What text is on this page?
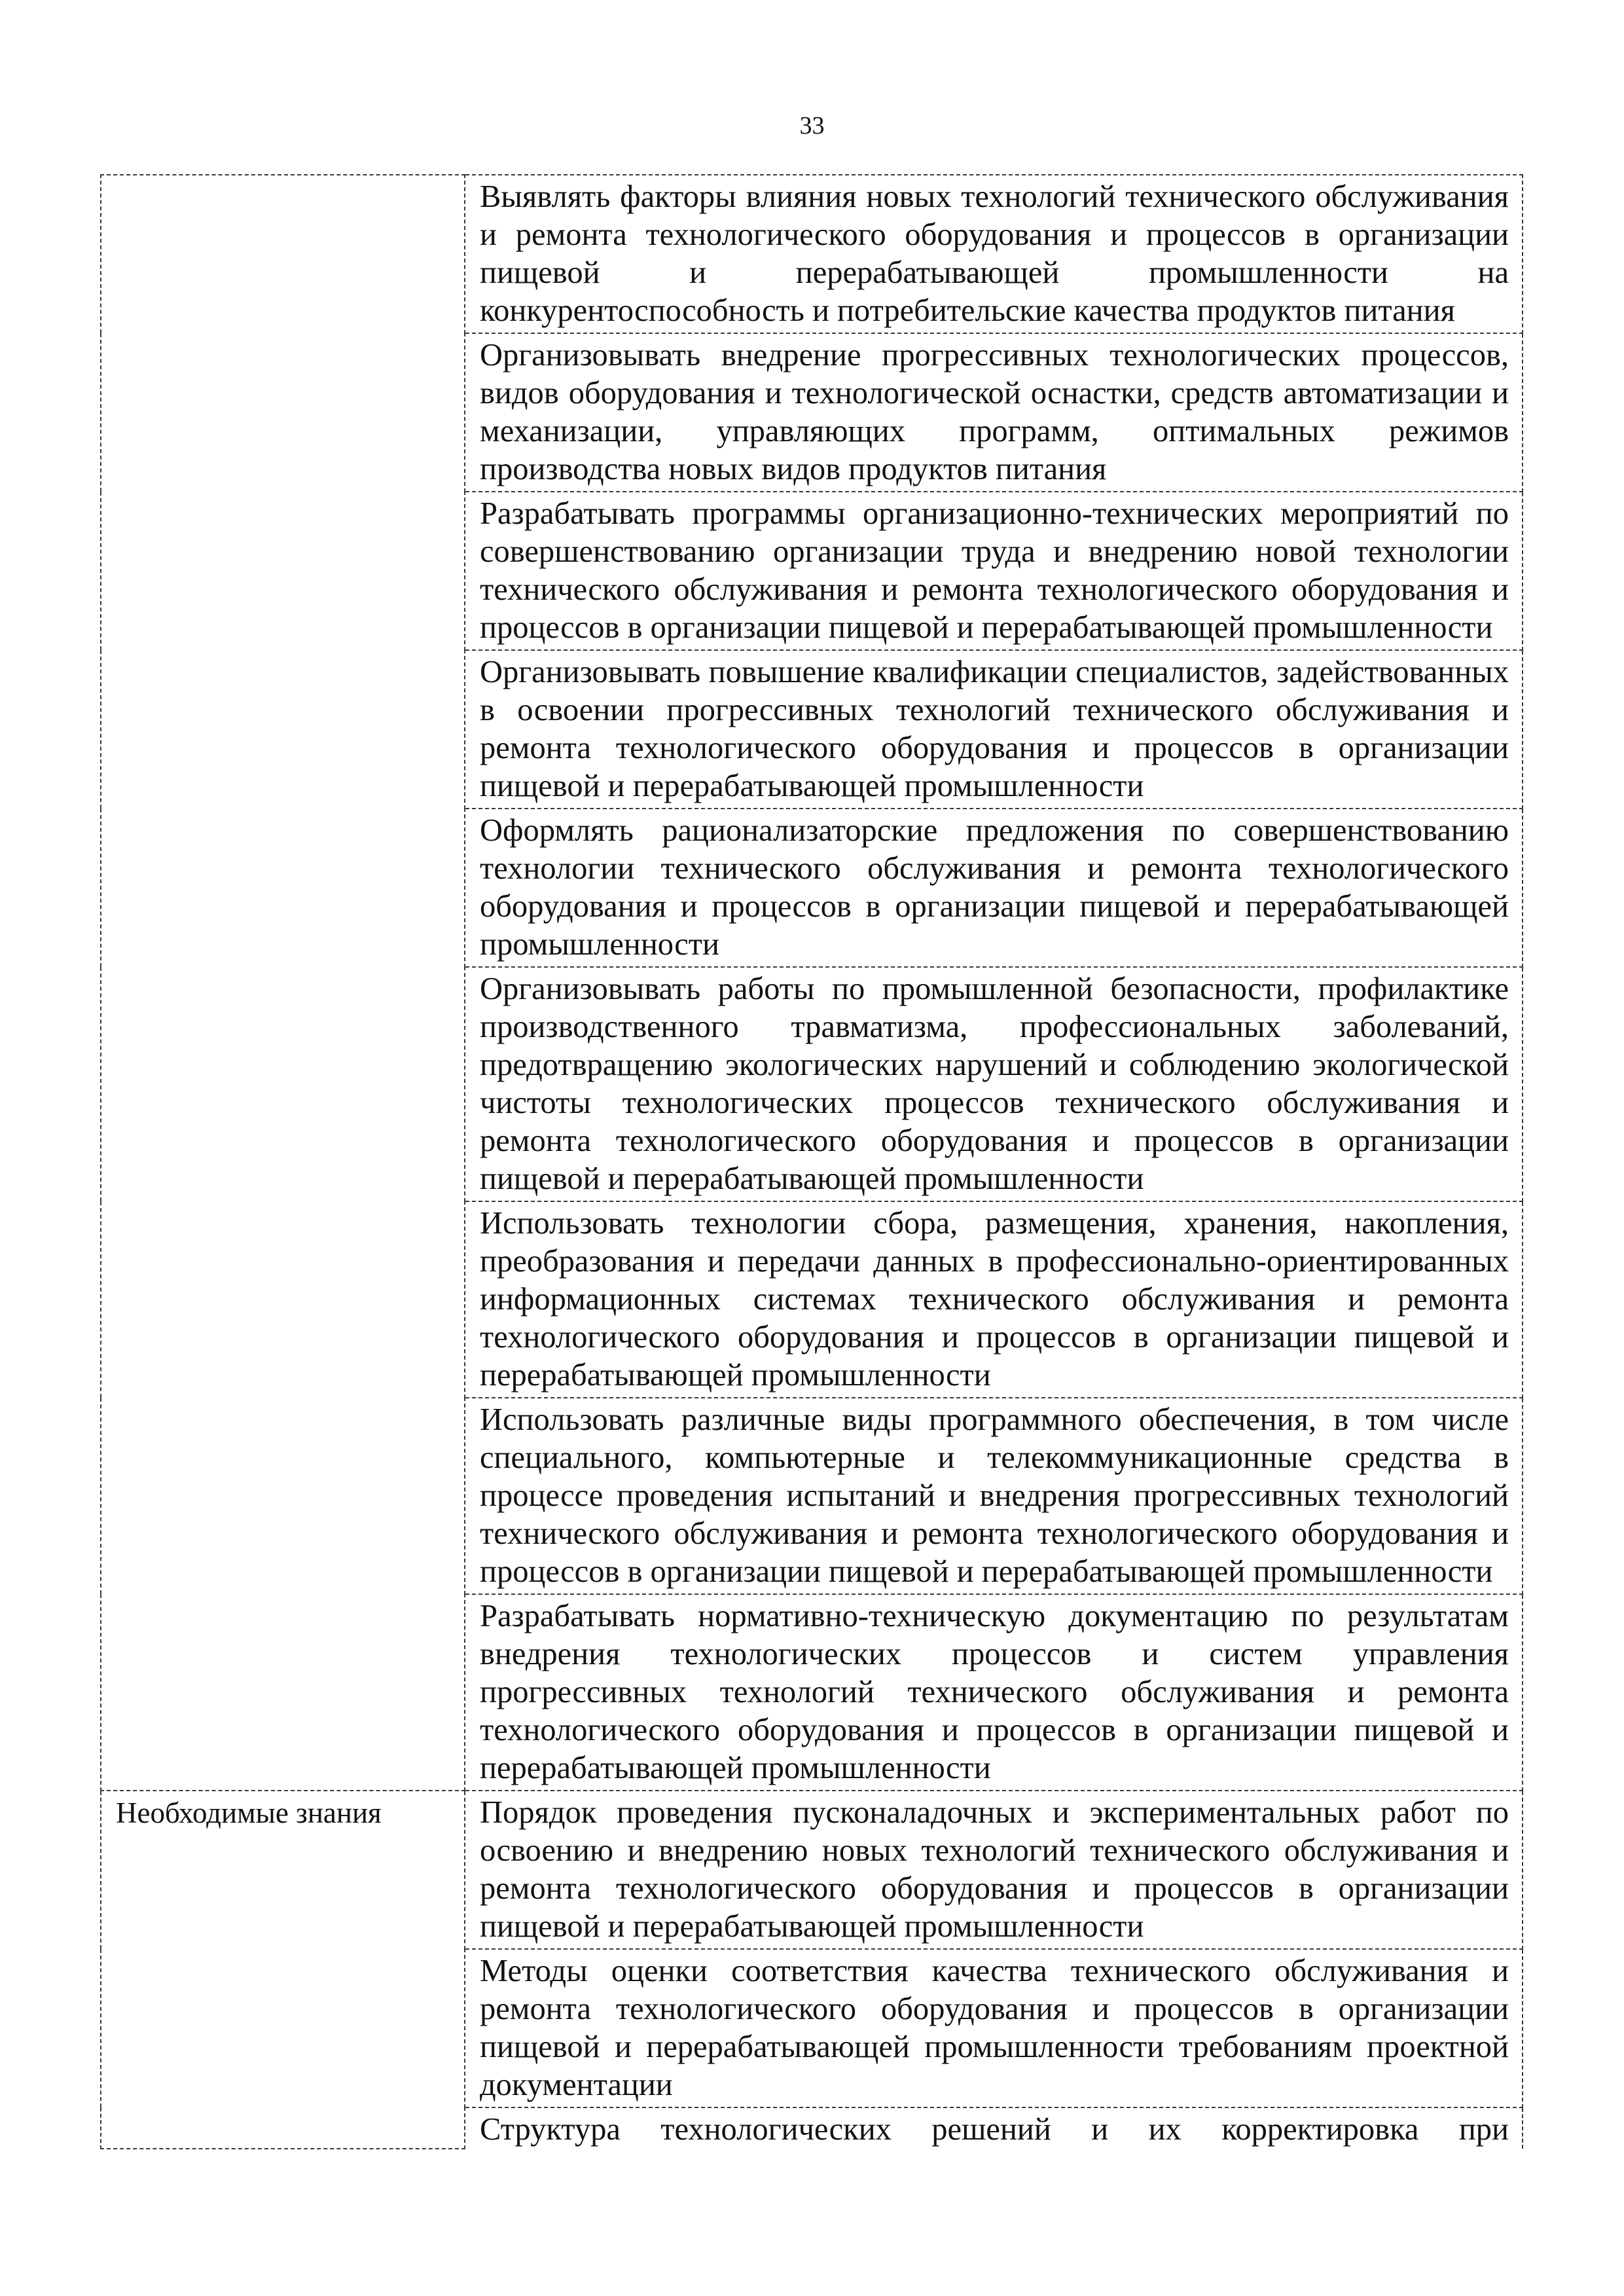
33
	Выявлять факторы влияния новых технологий технического обслуживания и ремонта технологического оборудования и процессов в организации пищевой и перерабатывающей промышленности на конкурентоспособность и потребительские качества продуктов питания
	Организовывать внедрение прогрессивных технологических процессов, видов оборудования и технологической оснастки, средств автоматизации и механизации, управляющих программ, оптимальных режимов производства новых видов продуктов питания
	Разрабатывать программы организационно-технических мероприятий по совершенствованию организации труда и внедрению новой технологии технического обслуживания и ремонта технологического оборудования и процессов в организации пищевой и перерабатывающей промышленности
	Организовывать повышение квалификации специалистов, задействованных в освоении прогрессивных технологий технического обслуживания и ремонта технологического оборудования и процессов в организации пищевой и перерабатывающей промышленности
	Оформлять рационализаторские предложения по совершенствованию технологии технического обслуживания и ремонта технологического оборудования и процессов в организации пищевой и перерабатывающей промышленности
	Организовывать работы по промышленной безопасности, профилактике производственного травматизма, профессиональных заболеваний, предотвращению экологических нарушений и соблюдению экологической чистоты технологических процессов технического обслуживания и ремонта технологического оборудования и процессов в организации пищевой и перерабатывающей промышленности
	Использовать технологии сбора, размещения, хранения, накопления, преобразования и передачи данных в профессионально-ориентированных информационных системах технического обслуживания и ремонта технологического оборудования и процессов в организации пищевой и перерабатывающей промышленности
	Использовать различные виды программного обеспечения, в том числе специального, компьютерные и телекоммуникационные средства в процессе проведения испытаний и внедрения прогрессивных технологий технического обслуживания и ремонта технологического оборудования и процессов в организации пищевой и перерабатывающей промышленности
	Разрабатывать нормативно-техническую документацию по результатам внедрения технологических процессов и систем управления прогрессивных технологий технического обслуживания и ремонта технологического оборудования и процессов в организации пищевой и перерабатывающей промышленности
Необходимые знания	Порядок проведения пусконаладочных и экспериментальных работ по освоению и внедрению новых технологий технического обслуживания и ремонта технологического оборудования и процессов в организации пищевой и перерабатывающей промышленности
	Методы оценки соответствия качества технического обслуживания и ремонта технологического оборудования и процессов в организации пищевой и перерабатывающей промышленности требованиям проектной документации
	Структура технологических решений и их корректировка при
